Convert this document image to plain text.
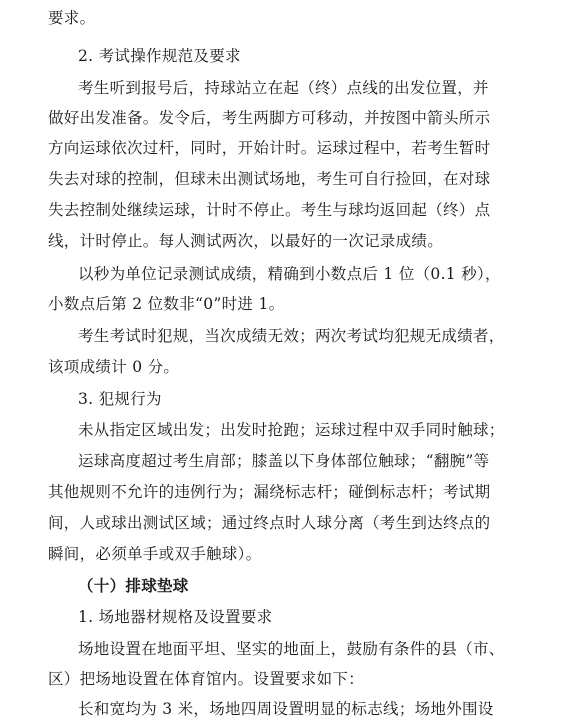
要求。
2. 考试操作规范及要求
考生听到报号后，持球站立在起（终）点线的出发位置，并
做好出发准备。发令后，考生两脚方可移动，并按图中箭头所示
方向运球依次过杆，同时，开始计时。运球过程中，若考生暂时
失去对球的控制，但球未出测试场地，考生可自行捡回，在对球
失去控制处继续运球，计时不停止。考生与球均返回起（终）点
线，计时停止。每人测试两次，以最好的一次记录成绩。
以秒为单位记录测试成绩，精确到小数点后 1 位（0.1 秒），
小数点后第 2 位数非“0”时进 1。
考生考试时犯规，当次成绩无效；两次考试均犯规无成绩者，
该项成绩计 0 分。
3. 犯规行为
未从指定区域出发；出发时抢跑；运球过程中双手同时触球；
运球高度超过考生肩部；膝盖以下身体部位触球；“翻腕”等
其他规则不允许的违例行为；漏绕标志杆；碰倒标志杆；考试期
间，人或球出测试区域；通过终点时人球分离（考生到达终点的
瞬间，必须单手或双手触球）。
（十）排球垫球
1. 场地器材规格及设置要求
场地设置在地面平坦、坚实的地面上，鼓励有条件的县（市、
区）把场地设置在体育馆内。设置要求如下：
长和宽均为 3 米，场地四周设置明显的标志线；场地外围设
